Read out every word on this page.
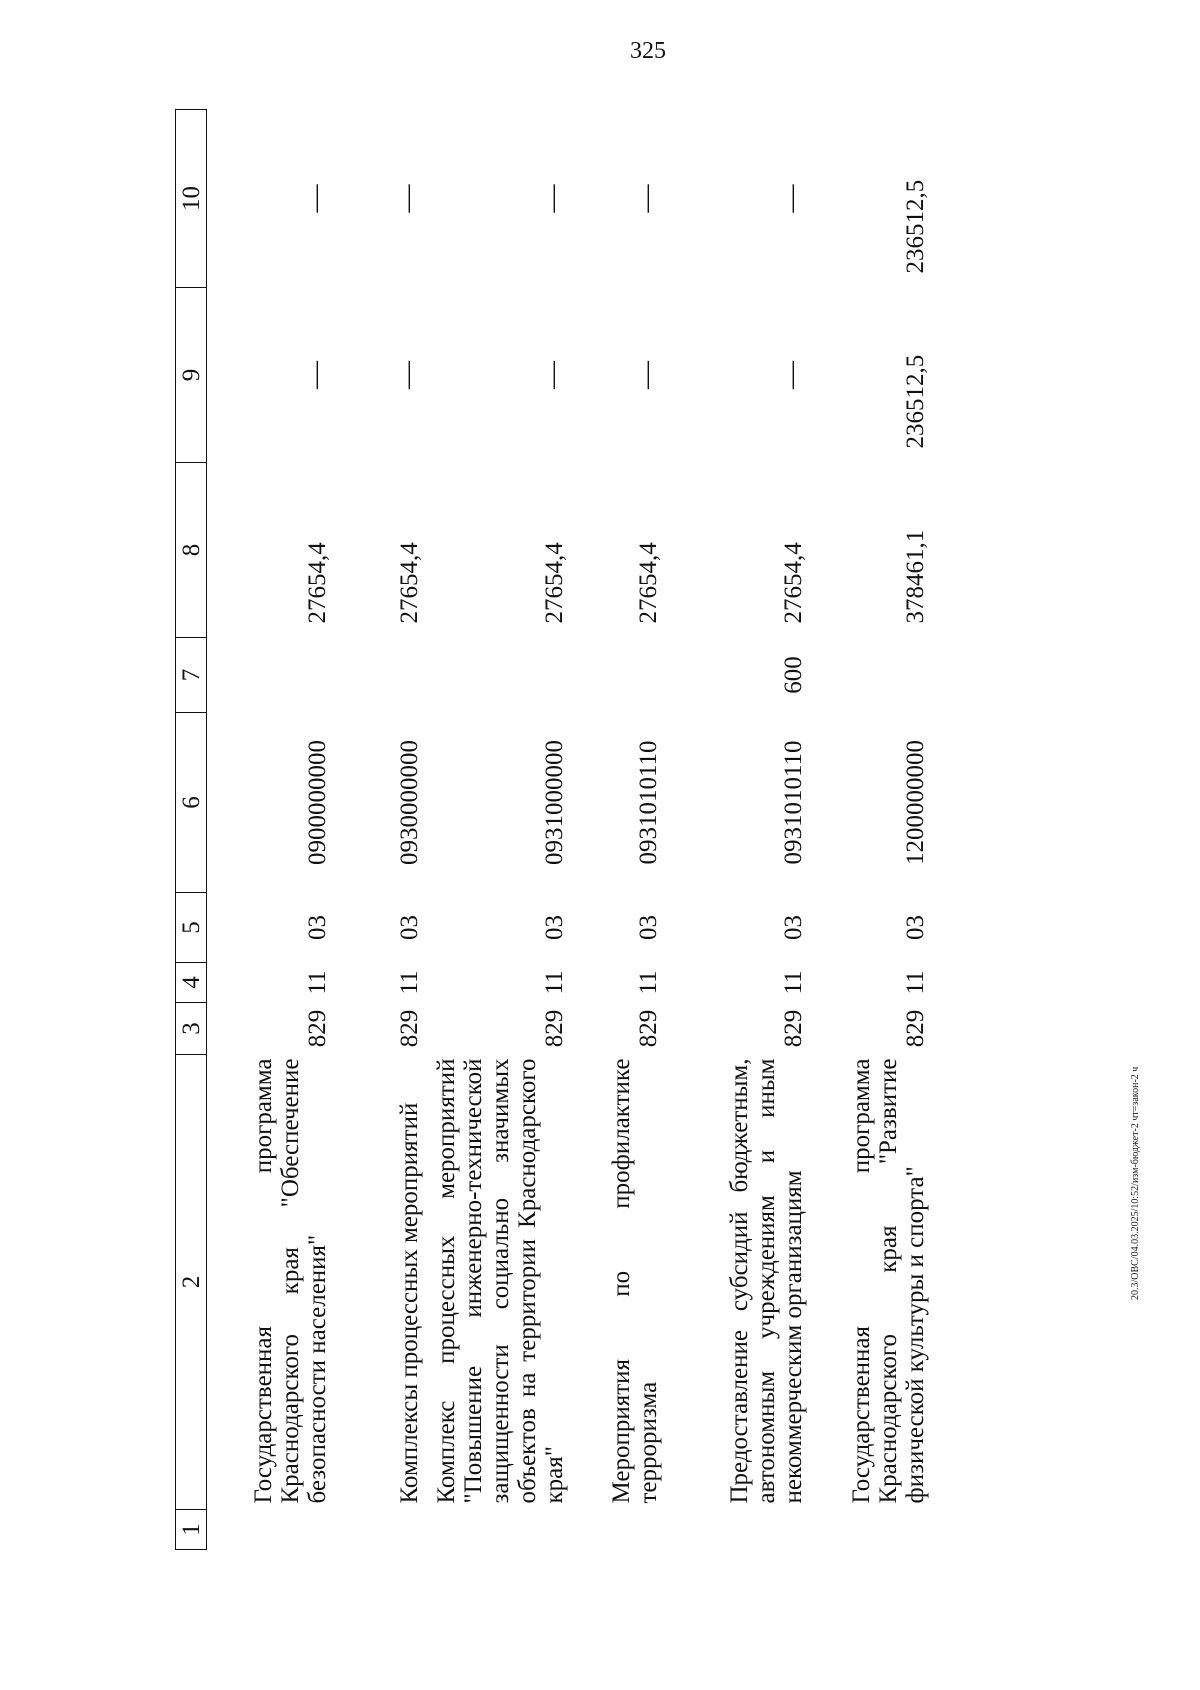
325
20.3/ОВС/04.03.2025/10:52/изм-бюджет-2 чт=закон-2 ч
1	2	3	4	5	6	7	8	9	10
	Государственная программа Краснодарского края "Обеспечение безопасности населения"	829	11	03	0900000000		27654,4	—	—
	Комплексы процессных мероприятий	829	11	03	0930000000		27654,4	—	—
	Комплекс процессных мероприятий "Повышение инженерно-технической защищенности социально значимых объектов на территории Краснодарского края"	829	11	03	0931000000		27654,4	—	—
	Мероприятия по профилактике терроризма	829	11	03	0931010110		27654,4	—	—
	Предоставление субсидий бюджетным, автономным учреждениям и иным некоммерческим организациям	829	11	03	0931010110	600	27654,4	—	—
	Государственная программа Краснодарского края "Развитие физической культуры и спорта"	829	11	03	1200000000		378461,1	236512,5	236512,5
